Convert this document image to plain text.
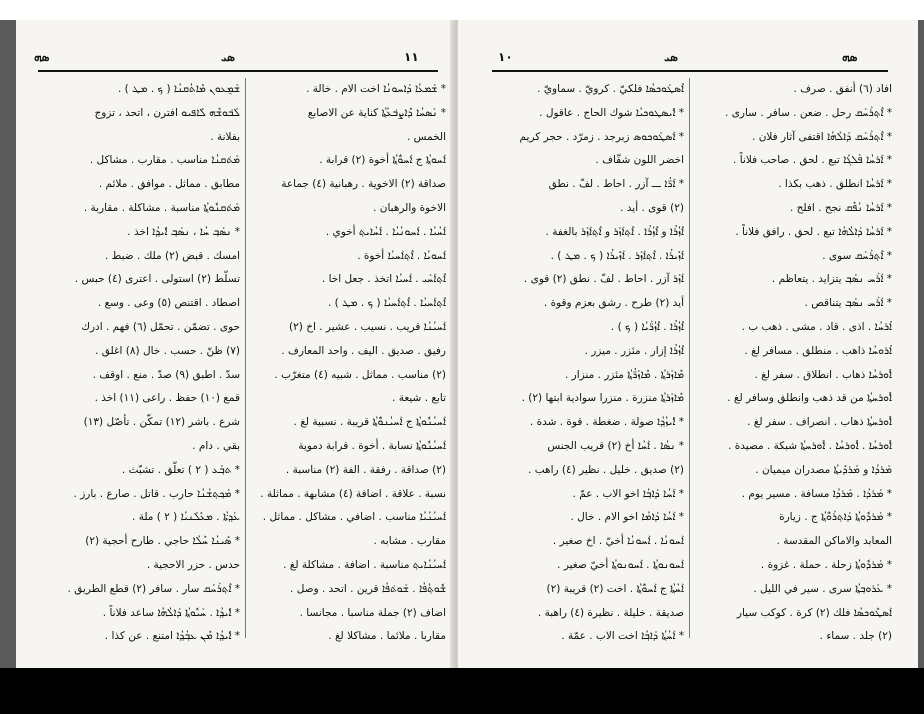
ܣܗ	ܣܝ	١١
ܫܰܡ݈ܥܘܢ ܡܺܐܬܳܩܢܳܐ ( ܟ . ܡܛ ) .
ܠܰܒ݁ܘܫܶܗ ܠܺܐܦܝܘ افترن ، اتحد ، تزوج
بفلانة .
ܡܰܬ݁ܩܢܳܐ مناسب . مقارب . مشاكل .
مطابق . مماثل . موافق . ملائم .
ܡܰܬ݁ܩܢܽܘܬ݂ܳܐ مناسبة . مشاكلة . مقاربة .
* ܢܣܰܒ݂ ܚܳܐ ، ܢܣܰܒ݂ ܐܺܝܕ݂ܳܐ اخذ .
امسك . قبض (٢) ملك . ضبط .
تسلّط (٢) استولى . اعترى (٤) حبس .
اصطاد . اقتنص (٥) وعى . وسع .
حوى . تضمّن . تحمّل (٦) فهم . ادرك
(٧) ظنّ . حسب . خال (٨) اغلق .
سدّ . اطبق (٩) صدّ . منع . اوقف .
قمع (١٠) حفظ . راعى (١١) اخذ .
شرع . باشر (١٢) تمكّن . تأصّل (١٣)
بقي . دام .
* ܬܒ݂ܰܥ ( ٢ ) تعلّق . تشبّث .
* ܡܰܟ݂ܬ݂ܫܳܢܳܐ حارب . قاتل . صارع . بارز .
ܥܰܕ݂ܬ݁ܳܐ . ܡܥܺܠܰܢܝܳܐ ( ٢ ) ملة .
* ܣܺܝܢܳܐ ܚܶܠܳܐ حاجي . طارح أحجية (٢)
حدس . حزر الاحجية .
* ܐܶܬ݂ܪܰܚܰܩ سار . سافر (٢) قطع الطريق .
* ܐܺܝܕ݂ܳܐ . ܚܰܝܽܘܬ݂ܳܐ ܕܰܐܠܳܗܳܐ ساعد فلاناً .
* ܐܺܝܕ݂ܳܐ ܡܶܢ ܥܒ݂ܳܕ݂ܳܐ امتنع . عن كذا .
* ܫܰܡܥܳܐ ܕܰܐܚܘܢܳܐ اخت الام . خالة .
* ܢܰܣܚܳܐ ܕܶܐܨܒ݁ܥܳܬ݂ܳܐ كناية عن الاصابع
الخمس .
ܐܰܚܘܬ݂ܳܐ ج ܐܰܚܘ̈ܳܬ݂ܳܐ أخوة (٢) قرابة .
صداقة (٢) الاخوية . رهبانية (٤) جماعة
الاخوة والرهبان .
ܐܰܚܳܝܳܐ . ܐܰܚܘܢܳܝܳܐ . ܐܰܚܳܐܝܬ݂ أخوي .
ܐܰܚܘܝܳܐ . ܐܶܬ݂ܐܰܚܝܳܐ أخوة .
ܐܶܬ݂ܐܰܚܰܝ . ܐܰܚܝܳܐ اتخذ . جعل اخا .
ܐܶܬ݂ܐܰܚܝܳܐ . ܐܶܬ݂ܐܰܚܝܳܐ ( ܟ . ܡܛ ) .
ܐܰܚܝܳܢܳܐ قريب . نسيب . عشير . اخ (٢)
رفيق . صديق . اليف . واحد المعارف .
(٢) مناسب . مماثل . شبيه (٤) متغرّب .
تابع . شيعة .
ܐܰܚܝܳܢܽܘܬ݂ܳܐ ج ܐܰܚܝܳܢܘ̈ܳܬ݂ܳܐ قريبة . نسبية لغ .
ܐܰܚܝܳܢܽܘܬ݂ܳܐ نسابة . أخوة . قرابة دموية
(٢) صداقة . رفقة . الفة (٢) مناسبة .
نسبة . علاقة . اضافة (٤) مشابهة . مماثلة .
ܐܰܚܝܳܢܳܝܳܐ مناسب . اضافي . مشاكل . مماثل .
مقارب . مشابه .
ܐܰܚܝܳܢܳܐܝܬ݂ مناسبة . اضافة . مشاكلة لغ .
ܫܽܘܬ݂ܳܦܳܐ . ܫܰܘܬ݁ܦܳܐ قرين . اتحد . وصل .
اضاف (٢) جملة مناسبا . مجانسا .
مقاربا . ملائما . مشاكلا لغ .
١٠	ܣܝ	ܣܗ
ܐܶܣܛܰܘܟܣܳܐ فلكيّ . كرويّ . سماويّ .
* ܐܺܝܣܛܘܟܝܳܐ شوك الحاج . عاقول .
* ܐܰܣܛܰܘܟܘܣ زبرجد . زمرّد . حجر كريم
اخضر اللون شفّاف .
* ܐܰܪ̈ܳܐ ـــ آزر . احاط . لفّ . نطق
(٢) قوى . أيد .
ܐܶܙܳܪܳܐ و ܐܶܙܳܪܳܐ . ܐܶܬ݂ܐܰܙܰܪ و ܐܶܬ݂ܐܰܙܰܪ بالغفة .
ܐܰܙܺܝܪܳܐ . ܐܶܬ݂ܐܰܙܰܪ . ܐܰܙܺܝܪܳܐ ( ܟ . ܡܛ ) .
ܐܰܙܰܪ آزر . احاط . لفّ . نطق (٢) قوى .
أيد (٢) طرح . رشق بعزم وقوة .
ܐܶܙܳܪܳܐ . ܐܶܙܳܪ̈ܰܝܳܐ ( ܟ ) .
ܐܶܙܳܪܳܐ إزار . مئزر . ميزر .
ܡܶܐܙܰܪܬ݂ܳܐ . ܡܶܐܙܰܪ̈ܳܬ݂ܳܐ مئزر . منزار .
ܡܶܐܙܰܪܬ݂ܳܐ منزرة . منزرا سوادية ابتها (٢) .
* ܐܺܝܙܳܕ݂ܳܐ صولة . ضغطة . قوة . شدة .
* ܢܣܳܐ . ܐܰܚܳܐ أخ (٢) قريب الجنس
(٢) صديق . خليل . نظير (٤) راهب .
* ܐܰܚܳܐ ܕܰܐܒ݂ܳܐ اخو الاب . عمّ .
* ܐܰܚܳܐ ܕܰܐܡܳܐ اخو الام . خال .
ܐܰܚܘܢܳܐ . ܐܰܚܘܢܳܐ أخيّ . اخ صغير .
ܐܰܚܘܢܘܬ݂ܳܐ . ܐܰܚܘܢܘܬ݂ܳܐ أخيّ صغير .
ܐܰܚܳܬ݂ܳܐ ج ܐܰܚܘ̈ܳܬ݂ܳܐ . اخت (٢) قريبة (٢)
صديقة . خليلة . نظيرة (٤) راهبة .
* ܐܰܚܳܬ݂ܳܐ ܕܰܐܒ݂ܳܐ اخت الاب . عمّة .
افاد (٦) أنفق . صرف .
* ܐܶܬ݂ܪܰܚܰܩ رحل . ضعن . سافر . سارى .
* ܐܶܬ݂ܪܰܚܰܩ ܕܰܐܠܳܗܳܐ اقتفى آثار فلان .
* ܐܰܪܚܳܐ ܦܰܠܓܳܐ تبع . لحق . صاحب فلاناً .
* ܐܰܪܚܳܐ انطلق . ذهب بكذا .
* ܐܰܪܚܳܐ ܢܳܦܶܩ نجح . افلح .
* ܐܰܪܚܳܐ ܕܰܐܠܳܗܳܐ تبع . لحق . رافق فلاناً .
* ܐܶܬ݂ܪܰܚܰܩ سوى .
* ܐܰܪܰܚ ܢܣܰܒ݂ يتزايد . يتعاظم .
* ܐܰܪܰܚ ܢܣܰܒ݂ يتناقص .
ܐܳܪܚܳܐ . اذى . قاد . مشى . ذهب ب .
ܐܳܪܘܚܳܐ ذاهب . منطلق . مسافر لغ .
ܐܽܘܪܚܳܐ ذهاب . انطلاق . سفر لغ .
ܐܽܘܪܚܬ݂ܳܐ من قد ذهب وانطلق وسافر لغ .
ܐܽܘܪܚܬ݂ܳܐ ذهاب . انصراف . سفر لغ .
ܐܽܘܪܚܳܐ . ܐܽܘܪܚܳܐ . ܐܽܘܪܚܬ݂ܳܐ شبكة . مصيدة .
ܡܰܪܕܳܐ و ܡܰܪܕܺܝܬ݂ܳܐ مصدران ميميان .
* ܡܰܪܕܳܐ . ܡܰܪܕܳܐ مسافة . مسير يوم .
* ܡܰܪܕܽܘܬ݂ܳܐ ܕܰܐܬ݂ܪܰܘ̈ܳܬ݂ܳܐ ج . زيارة
المعابد والاماكن المقدسة .
* ܡܰܪܕܽܘܬ݂ܳܐ زحلة . حملة . غزوة .
* ܥܰܪܘܒ݂ܬ݂ܳܐ سرى . سير في الليل .
ܐܰܣܛܶܘܟܣܳܐ فلك (٢) كرة . كوكب سيار
(٢) جلد . سماء .
